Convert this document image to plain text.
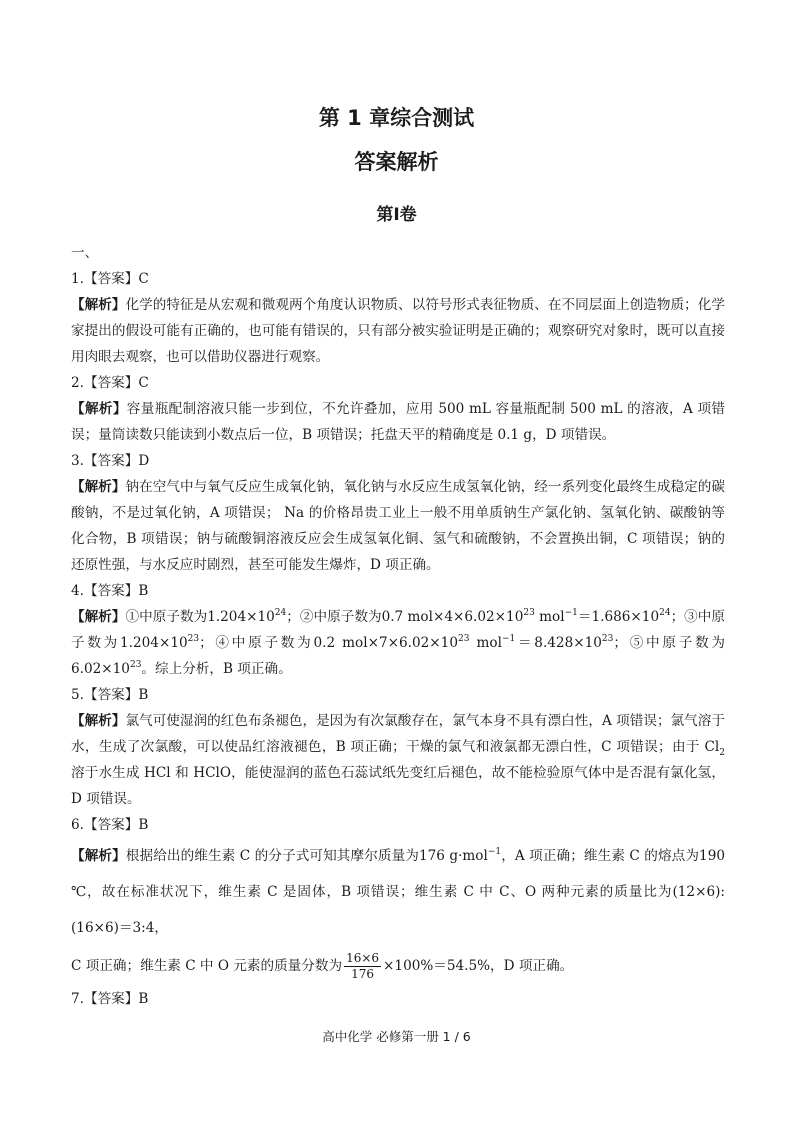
第 1 章综合测试
答案解析
第Ⅰ卷
一、
1.【答案】C
【解析】化学的特征是从宏观和微观两个角度认识物质、以符号形式表征物质、在不同层面上创造物质；化学家提出的假设可能有正确的，也可能有错误的，只有部分被实验证明是正确的；观察研究对象时，既可以直接用肉眼去观察，也可以借助仪器进行观察。
2.【答案】C
【解析】容量瓶配制溶液只能一步到位，不允许叠加，应用 500 mL 容量瓶配制 500 mL 的溶液，A 项错误；量筒读数只能读到小数点后一位，B 项错误；托盘天平的精确度是 0.1 g，D 项错误。
3.【答案】D
【解析】钠在空气中与氧气反应生成氧化钠，氧化钠与水反应生成氢氧化钠，经一系列变化最终生成稳定的碳酸钠，不是过氧化钠，A 项错误； Na 的价格昂贵工业上一般不用单质钠生产氯化钠、氢氧化钠、碳酸钠等化合物，B 项错误；钠与硫酸铜溶液反应会生成氢氧化铜、氢气和硫酸钠，不会置换出铜，C 项错误；钠的还原性强，与水反应时剧烈，甚至可能发生爆炸，D 项正确。
4.【答案】B
【解析】①中原子数为$1.204\times 10^{24}$；②中原子数为0.7 $mol\times 4\times 6.02\times 10^{23}$ $mol^{-1}=1.686\times 10^{24}$；③中原子数为$1.204\times 10^{23}$；④中原子数为0.2 $mol\times 7\times 6.02\times 10^{23}$ $mol^{-1}=8.428\times 10^{23}$；⑤中原子数为$6.02\times 10^{23}$。综上分析，B 项正确。
5.【答案】B
【解析】氯气可使湿润的红色布条褪色，是因为有次氯酸存在，氯气本身不具有漂白性，A 项错误；氯气溶于水，生成了次氯酸，可以使品红溶液褪色，B 项正确；干燥的氯气和液氯都无漂白性，C 项错误；由于 $Cl_2$ 溶于水生成 HCl 和 HClO，能使湿润的蓝色石蕊试纸先变红后褪色，故不能检验原气体中是否混有氯化氢，D 项错误。
6.【答案】B
【解析】根据给出的维生素 C 的分子式可知其摩尔质量为176 g·mol$^{-1}$，A 项正确；维生素 C 的熔点为190 ℃，故在标准状况下，维生素 C 是固体，B 项错误；维生素 C 中 C、O 两种元素的质量比为(12×6):(16×6)＝3:4，
C 项正确；维生素 C 中 O 元素的质量分数为 $\frac{16\times 6}{176} \times 100\%=54.5\%$，D 项正确。
7.【答案】B
高中化学 必修第一册 1 / 6
